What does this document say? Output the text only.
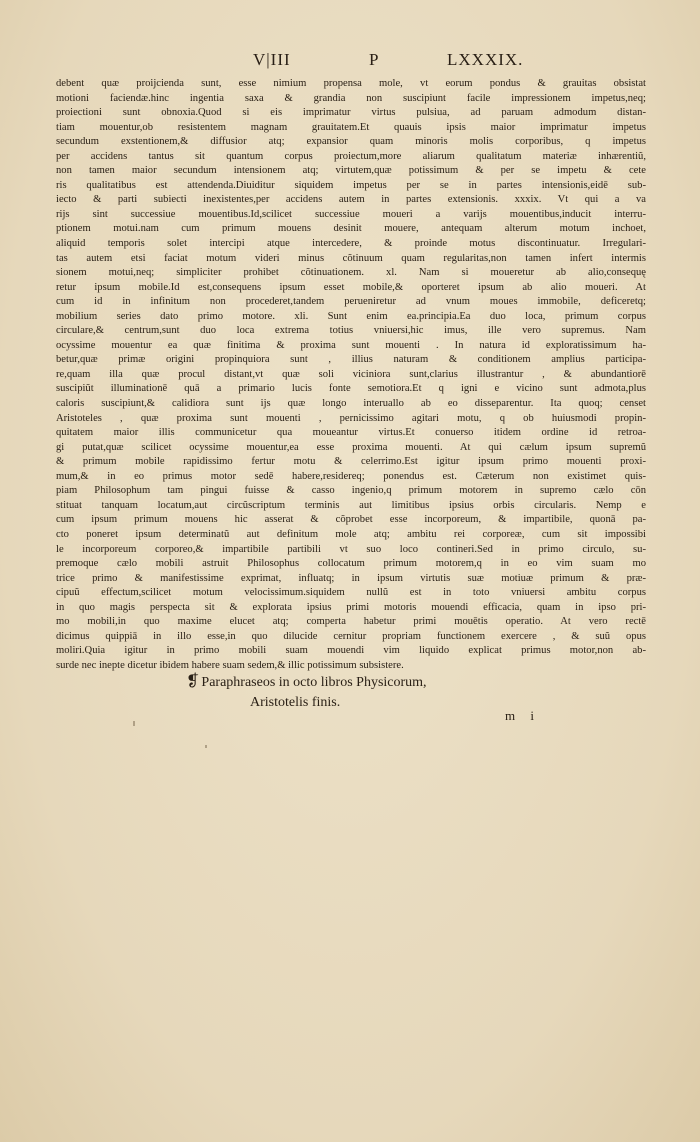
V|III	P	LXXXIX.
debent quæ proijcienda sunt, esse nimium propensa mole, vt eorum pondus & grauitas obsistat
motioni faciendæ.hinc ingentia saxa & grandia non suscipiunt facile impressionem impetus,neq;
proiectioni sunt obnoxia.Quod si eis imprimatur virtus pulsiua, ad paruam admodum distan-
tiam mouentur,ob resistentem magnam grauitatem.Et quauis ipsis maior imprimatur impetus
secundum exstentionem,& diffusior atq; expansior quam minoris molis corporibus, q impetus
per accidens tantus sit quantum corpus proiectum,more aliarum qualitatum materiæ inhærentiũ,
non tamen maior secundum intensionem atq; virtutem,quæ potissimum & per se impetu & cete
ris qualitatibus est attendenda.Diuiditur siquidem impetus per se in partes intensionis,eidē sub-
iecto & parti subiecti inexistentes,per accidens autem in partes extensionis. xxxix. Vt qui a va
rijs sint successiue mouentibus.Id,scilicet successiue moueri a varijs mouentibus,inducit interru-
ptionem motui.nam cum primum mouens desinit mouere, antequam alterum motum inchoet,
aliquid temporis solet intercipi atque intercedere, & proinde motus discontinuatur. Irregulari-
tas autem etsi faciat motum videri minus cõtinuum quam regularitas,non tamen infert intermis
sionem motui,neq; simpliciter prohibet cõtinuationem. xl. Nam si moueretur ab alio,consequę
retur ipsum mobile.Id est,consequens ipsum esset mobile,& oporteret ipsum ab alio moueri. At
cum id in infinitum non procederet,tandem perueniretur ad vnum moues immobile, deficeretq;
mobilium series dato primo motore. xli. Sunt enim ea.principia.Ea duo loca, primum corpus
circulare,& centrum,sunt duo loca extrema totius vniuersi,hic imus, ille vero supremus. Nam
ocyssime mouentur ea quæ finitima & proxima sunt mouenti . In natura id exploratissimum ha-
betur,quæ primæ origini propinquiora sunt , illius naturam & conditionem amplius participa-
re,quam illa quæ procul distant,vt quæ soli viciniora sunt,clarius illustrantur , & abundantiorē
suscipiũt illuminationē quā a primario lucis fonte semotiora.Et q igni e vicino sunt admota,plus
caloris suscipiunt,& calidiora sunt ijs quæ longo interuallo ab eo disseparentur. Ita quoq; censet
Aristoteles , quæ proxima sunt mouenti , pernicissimo agitari motu, q ob huiusmodi propin-
quitatem maior illis communicetur qua moueantur virtus.Et conuerso itidem ordine id retroa-
gi putat,quæ scilicet ocyssime mouentur,ea esse proxima mouenti. At qui cælum ipsum supremũ
& primum mobile rapidissimo fertur motu & celerrimo.Est igitur ipsum primo mouenti proxi-
mum,& in eo primus motor sedē habere,residereq; ponendus est. Cæterum non existimet quis-
piam Philosophum tam pingui fuisse & casso ingenio,q primum motorem in supremo cælo cōn
stituat tanquam locatum,aut circũscriptum terminis aut limitibus ipsius orbis circularis. Nemp e
cum ipsum primum mouens hic asserat & cõprobet esse incorporeum, & impartibile, quonā pa-
cto poneret ipsum determinatũ aut definitum mole atq; ambitu rei corporeæ, cum sit impossibi
le incorporeum corporeo,& impartibile partibili vt suo loco contineri.Sed in primo circulo, su-
premoque cælo mobili astruit Philosophus collocatum primum motorem,q in eo vim suam mo
trice primo & manifestissime exprimat, influatq; in ipsum virtutis suæ motiuæ primum & præ-
cipuũ effectum,scilicet motum velocissimum.siquidem nullũ est in toto vniuersi ambitu corpus
in quo magis perspecta sit & explorata ipsius primi motoris mouendi efficacia, quam in ipso pri-
mo mobili,in quo maxime elucet atq; comperta habetur primi mouētis operatio. At vero rectē
dicimus quippiā in illo esse,in quo dilucide cernitur propriam functionem exercere , & suũ opus
moliri.Quia igitur in primo mobili suam mouendi vim liquido explicat primus motor,non ab-
surde nec inepte dicetur ibidem habere suam sedem,& illic potissimum subsistere.
❡ Paraphraseos in octo libros Physicorum,
Aristotelis finis.
m i
